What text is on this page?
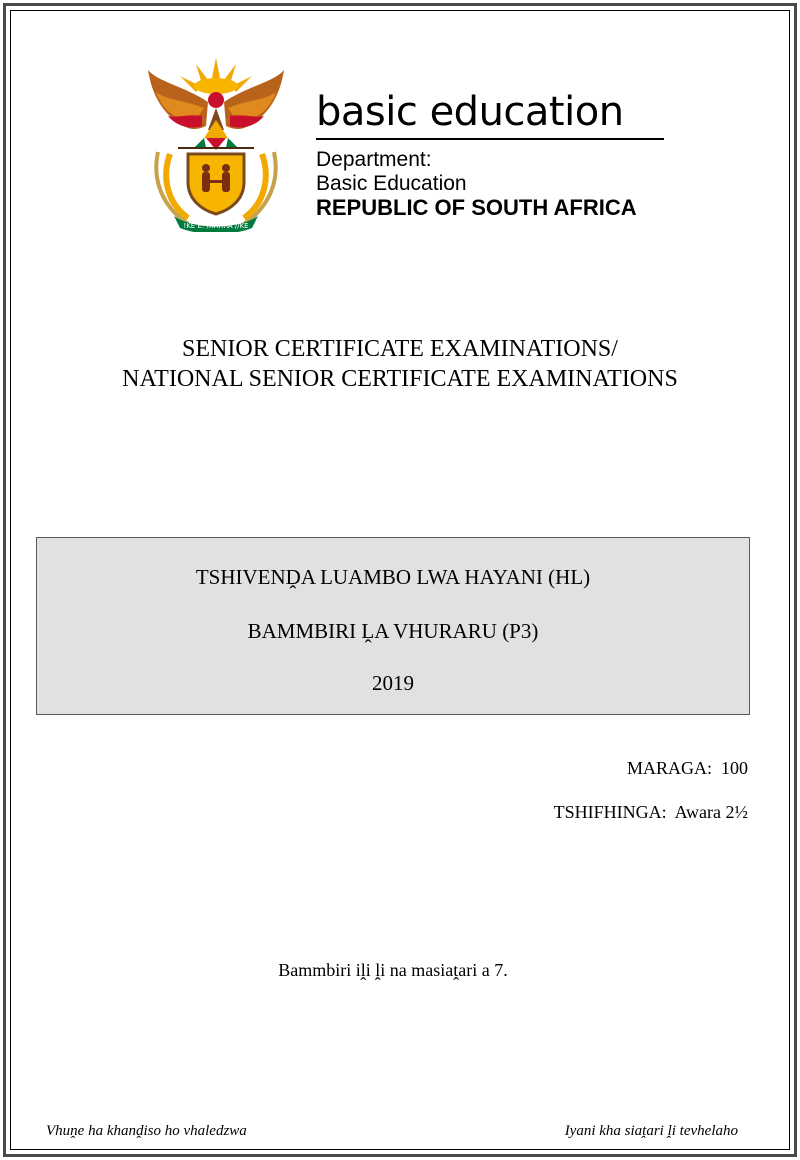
!KE E: /XARRA //KE
basic education
Department:
Basic Education
REPUBLIC OF SOUTH AFRICA
SENIOR CERTIFICATE EXAMINATIONS/
NATIONAL SENIOR CERTIFICATE EXAMINATIONS
TSHIVENḒA LUAMBO LWA HAYANI (HL)
BAMMBIRI ḼA VHURARU (P3)
2019
MARAGA:  100
TSHIFHINGA:  Awara 2½
Bammbiri iḽi ḽi na masiaṱari a 7.
Vhuṋe ha khanḓiso ho vhaledzwa	Iyani kha siaṱari ḽi tevhelaho
